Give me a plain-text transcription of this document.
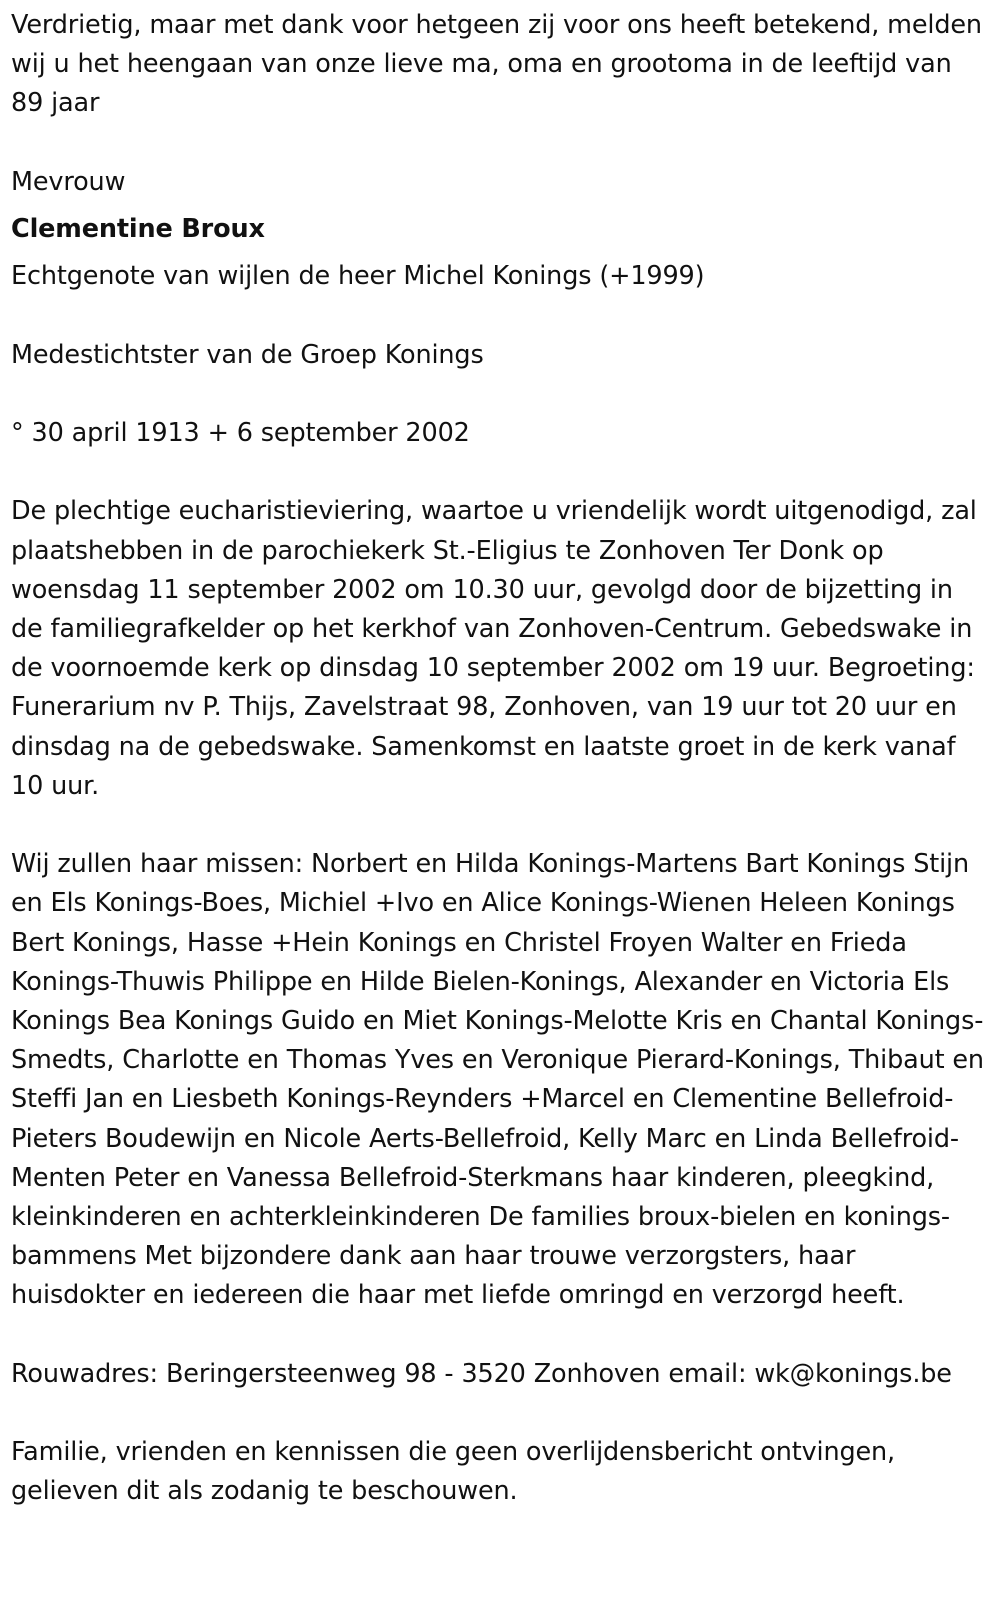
Verdrietig, maar met dank voor hetgeen zij voor ons heeft betekend, melden wij u het heengaan van onze lieve ma, oma en grootoma in de leeftijd van 89 jaar

Mevrouw

Clementine Broux

Echtgenote van wijlen de heer Michel Konings (+1999)

Medestichtster van de Groep Konings

° 30 april 1913 + 6 september 2002

De plechtige eucharistieviering, waartoe u vriendelijk wordt uitgenodigd, zal plaatshebben in de parochiekerk St.-Eligius te Zonhoven Ter Donk op woensdag 11 september 2002 om 10.30 uur, gevolgd door de bijzetting in de familiegrafkelder op het kerkhof van Zonhoven-Centrum. Gebedswake in de voornoemde kerk op dinsdag 10 september 2002 om 19 uur. Begroeting: Funerarium nv P. Thijs, Zavelstraat 98, Zonhoven, van 19 uur tot 20 uur en dinsdag na de gebedswake. Samenkomst en laatste groet in de kerk vanaf 10 uur.

Wij zullen haar missen: Norbert en Hilda Konings-Martens Bart Konings Stijn en Els Konings-Boes, Michiel +Ivo en Alice Konings-Wienen Heleen Konings Bert Konings, Hasse +Hein Konings en Christel Froyen Walter en Frieda Konings-Thuwis Philippe en Hilde Bielen-Konings, Alexander en Victoria Els Konings Bea Konings Guido en Miet Konings-Melotte Kris en Chantal Konings-Smedts, Charlotte en Thomas Yves en Veronique Pierard-Konings, Thibaut en Steffi Jan en Liesbeth Konings-Reynders +Marcel en Clementine Bellefroid-Pieters Boudewijn en Nicole Aerts-Bellefroid, Kelly Marc en Linda Bellefroid-Menten Peter en Vanessa Bellefroid-Sterkmans haar kinderen, pleegkind, kleinkinderen en achterkleinkinderen De families broux-bielen en konings-bammens Met bijzondere dank aan haar trouwe verzorgsters, haar huisdokter en iedereen die haar met liefde omringd en verzorgd heeft.

Rouwadres: Beringersteenweg 98 - 3520 Zonhoven email: wk@konings.be

Familie, vrienden en kennissen die geen overlijdensbericht ontvingen, gelieven dit als zodanig te beschouwen.
